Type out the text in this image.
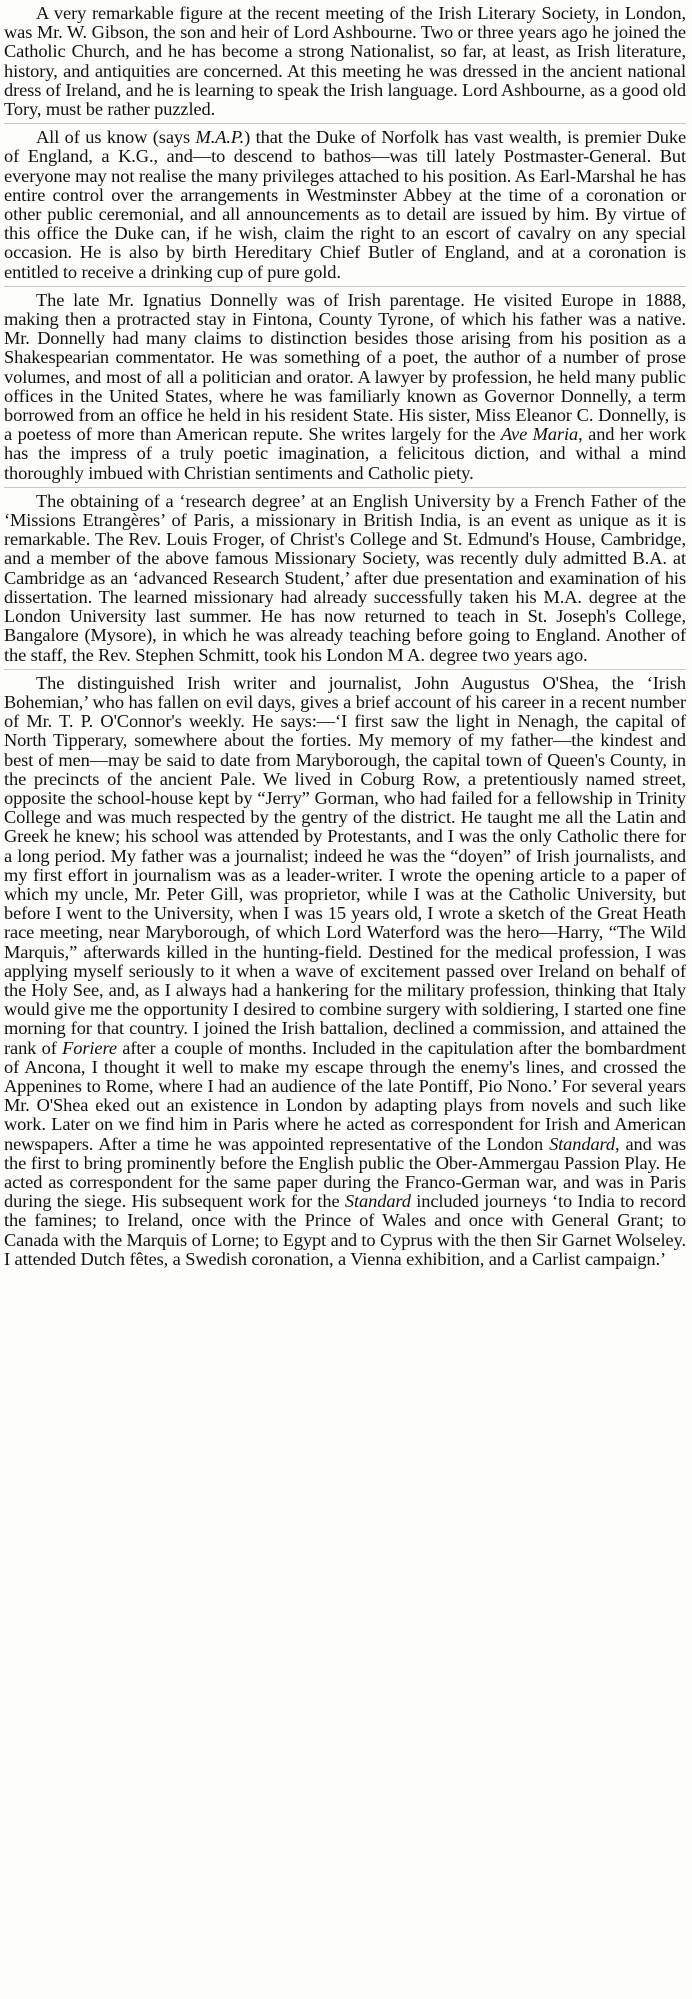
A very remarkable figure at the recent meeting of the Irish Literary Society, in London, was Mr. W. Gibson, the son and heir of Lord Ashbourne. Two or three years ago he joined the Catholic Church, and he has become a strong Nationalist, so far, at least, as Irish literature, history, and antiquities are concerned. At this meeting he was dressed in the ancient national dress of Ireland, and he is learning to speak the Irish language. Lord Ashbourne, as a good old Tory, must be rather puzzled.

All of us know (says M.A.P.) that the Duke of Norfolk has vast wealth, is premier Duke of England, a K.G., and—to descend to bathos—was till lately Postmaster-General. But everyone may not realise the many privileges attached to his position. As Earl-Marshal he has entire control over the arrangements in Westminster Abbey at the time of a coronation or other public ceremonial, and all announcements as to detail are issued by him. By virtue of this office the Duke can, if he wish, claim the right to an escort of cavalry on any special occasion. He is also by birth Hereditary Chief Butler of England, and at a coronation is entitled to receive a drinking cup of pure gold.

The late Mr. Ignatius Donnelly was of Irish parentage. He visited Europe in 1888, making then a protracted stay in Fintona, County Tyrone, of which his father was a native. Mr. Donnelly had many claims to distinction besides those arising from his position as a Shakespearian commentator. He was something of a poet, the author of a number of prose volumes, and most of all a politician and orator. A lawyer by profession, he held many public offices in the United States, where he was familiarly known as Governor Donnelly, a term borrowed from an office he held in his resident State. His sister, Miss Eleanor C. Donnelly, is a poetess of more than American repute. She writes largely for the Ave Maria, and her work has the impress of a truly poetic imagination, a felicitous diction, and withal a mind thoroughly imbued with Christian sentiments and Catholic piety.

The obtaining of a ‘research degree’ at an English University by a French Father of the ‘Missions Etrangères’ of Paris, a missionary in British India, is an event as unique as it is remarkable. The Rev. Louis Froger, of Christ's College and St. Edmund's House, Cambridge, and a member of the above famous Missionary Society, was recently duly admitted B.A. at Cambridge as an ‘advanced Research Student,’ after due presentation and examination of his dissertation. The learned missionary had already successfully taken his M.A. degree at the London University last summer. He has now returned to teach in St. Joseph's College, Bangalore (Mysore), in which he was already teaching before going to England. Another of the staff, the Rev. Stephen Schmitt, took his London M A. degree two years ago.

The distinguished Irish writer and journalist, John Augustus O'Shea, the ‘Irish Bohemian,’ who has fallen on evil days, gives a brief account of his career in a recent number of Mr. T. P. O'Connor's weekly. He says:—‘I first saw the light in Nenagh, the capital of North Tipperary, somewhere about the forties. My memory of my father—the kindest and best of men—may be said to date from Maryborough, the capital town of Queen's County, in the precincts of the ancient Pale. We lived in Coburg Row, a pretentiously named street, opposite the school-house kept by “Jerry” Gorman, who had failed for a fellowship in Trinity College and was much respected by the gentry of the district. He taught me all the Latin and Greek he knew; his school was attended by Protestants, and I was the only Catholic there for a long period. My father was a journalist; indeed he was the “doyen” of Irish journalists, and my first effort in journalism was as a leader-writer. I wrote the opening article to a paper of which my uncle, Mr. Peter Gill, was proprietor, while I was at the Catholic University, but before I went to the University, when I was 15 years old, I wrote a sketch of the Great Heath race meeting, near Maryborough, of which Lord Waterford was the hero—Harry, “The Wild Marquis,” afterwards killed in the hunting-field. Destined for the medical profession, I was applying myself seriously to it when a wave of excitement passed over Ireland on behalf of the Holy See, and, as I always had a hankering for the military profession, thinking that Italy would give me the opportunity I desired to combine surgery with soldiering, I started one fine morning for that country. I joined the Irish battalion, declined a commission, and attained the rank of Foriere after a couple of months. Included in the capitulation after the bombardment of Ancona, I thought it well to make my escape through the enemy's lines, and crossed the Appenines to Rome, where I had an audience of the late Pontiff, Pio Nono.’ For several years Mr. O'Shea eked out an existence in London by adapting plays from novels and such like work. Later on we find him in Paris where he acted as correspondent for Irish and American newspapers. After a time he was appointed representative of the London Standard, and was the first to bring prominently before the English public the Ober-Ammergau Passion Play. He acted as correspondent for the same paper during the Franco-German war, and was in Paris during the siege. His subsequent work for the Standard included journeys ‘to India to record the famines; to Ireland, once with the Prince of Wales and once with General Grant; to Canada with the Marquis of Lorne; to Egypt and to Cyprus with the then Sir Garnet Wolseley. I attended Dutch fêtes, a Swedish coronation, a Vienna exhibition, and a Carlist campaign.’
